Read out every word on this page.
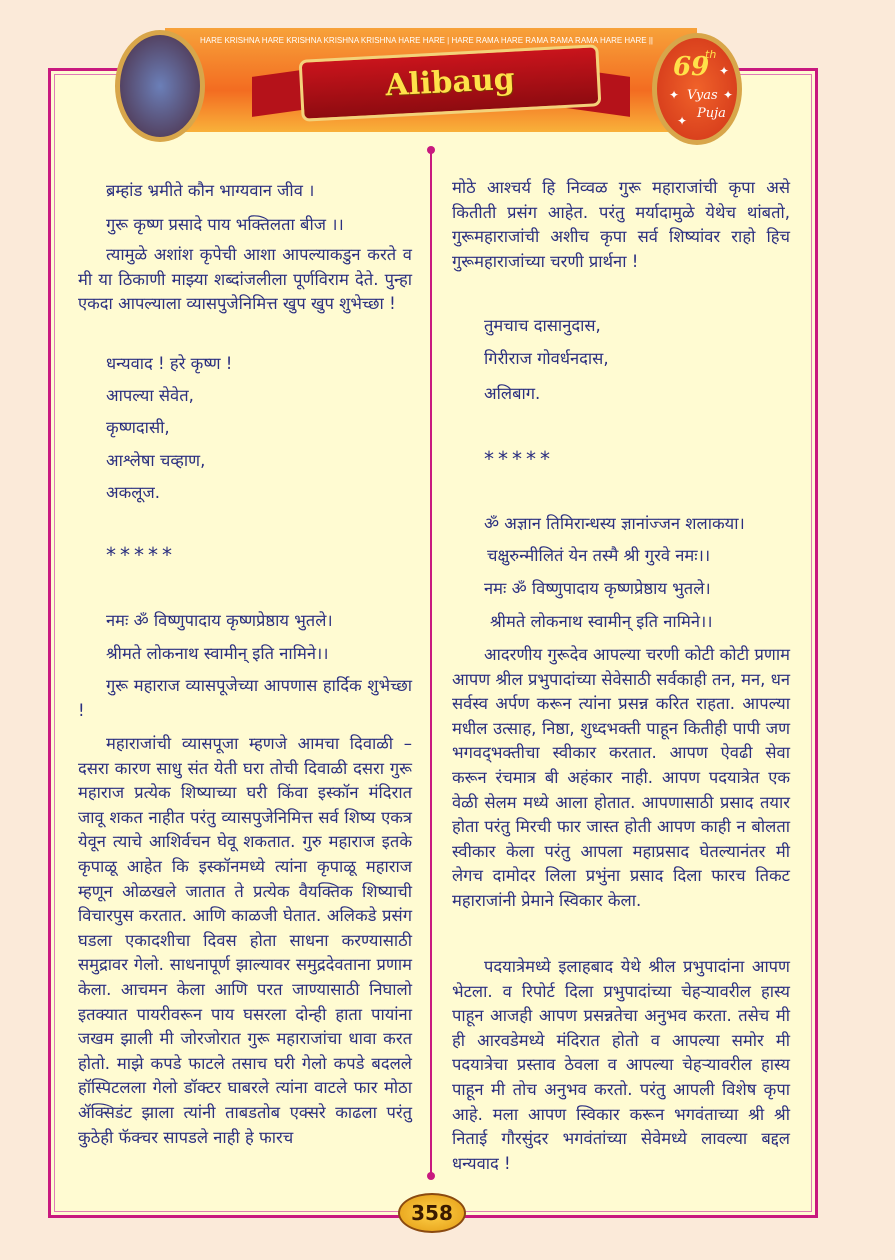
HARE KRISHNA HARE KRISHNA KRISHNA KRISHNA HARE HARE | HARE RAMA HARE RAMA RAMA RAMA HARE HARE ||
Alibaug	69
th
Vyas
Puja
✦
✦	✦
✦
ब्रम्हांड भ्रमीते कौन भाग्यवान जीव ।
गुरू कृष्ण प्रसादे पाय भक्तिलता बीज ।।
त्यामुळे अशांश कृपेची आशा आपल्याकडुन करते व मी या ठिकाणी माझ्या शब्दांजलीला पूर्णविराम देते. पुन्हा एकदा आपल्याला व्यासपुजेनिमित्त खुप खुप शुभेच्छा !
धन्यवाद ! हरे कृष्ण !
आपल्या सेवेत,
कृष्णदासी,
आश्लेषा चव्हाण,
अकलूज.
*****
नमः ॐ विष्णुपादाय कृष्णप्रेष्ठाय भुतले।
श्रीमते लोकनाथ स्वामीन् इति नामिने।।
गुरू महाराज व्यासपूजेच्या आपणास हार्दिक शुभेच्छा !
महाराजांची व्यासपूजा म्हणजे आमचा दिवाळी – दसरा कारण साधु संत येती घरा तोची दिवाळी दसरा गुरू महाराज प्रत्येक शिष्याच्या घरी किंवा इस्कॉन मंदिरात जावू शकत नाहीत परंतु व्यासपुजेनिमित्त सर्व शिष्य एकत्र येवून त्याचे आशिर्वचन घेवू शकतात. गुरु महाराज इतके कृपाळू आहेत कि इस्कॉनमध्ये त्यांना कृपाळू महाराज म्हणून ओळखले जातात ते प्रत्येक वैयक्तिक शिष्याची विचारपुस करतात. आणि काळजी घेतात. अलिकडे प्रसंग घडला एकादशीचा दिवस होता साधना करण्यासाठी समुद्रावर गेलो. साधनापूर्ण झाल्यावर समुद्रदेवताना प्रणाम केला. आचमन केला आणि परत जाण्यासाठी निघालो इतक्यात पायरीवरून पाय घसरला दोन्ही हाता पायांना जखम झाली मी जोरजोरात गुरू महाराजांचा धावा करत होतो. माझे कपडे फाटले तसाच घरी गेलो कपडे बदलले हॉस्पिटलला गेलो डॉक्टर घाबरले त्यांना वाटले फार मोठा ॲक्सिडंट झाला त्यांनी ताबडतोब एक्सरे काढला परंतु कुठेही फॅक्चर सापडले नाही हे फारच
मोठे आश्चर्य हि निव्वळ गुरू महाराजांची कृपा असे कितीती प्रसंग आहेत. परंतु मर्यादामुळे येथेच थांबतो, गुरूमहाराजांची अशीच कृपा सर्व शिष्यांवर राहो हिच गुरूमहाराजांच्या चरणी प्रार्थना !
तुमचाच दासानुदास,
गिरीराज गोवर्धनदास,
अलिबाग.
*****
ॐ अज्ञान तिमिरान्धस्य ज्ञानांज्जन शलाकया।
चक्षुरुन्मीलितं येन तस्मै श्री गुरवे नमः।।
नमः ॐ विष्णुपादाय कृष्णप्रेष्ठाय भुतले।
श्रीमते लोकनाथ स्वामीन् इति नामिने।।
आदरणीय गुरूदेव आपल्या चरणी कोटी कोटी प्रणाम आपण श्रील प्रभुपादांच्या सेवेसाठी सर्वकाही तन, मन, धन सर्वस्व अर्पण करून त्यांना प्रसन्न करित राहता. आपल्या मधील उत्साह, निष्ठा, शुध्दभक्ती पाहून कितीही पापी जण भगवद्‌भक्तीचा स्वीकार करतात. आपण ऐवढी सेवा करून रंचमात्र बी अहंकार नाही. आपण पदयात्रेत एक वेळी सेलम मध्ये आला होतात. आपणासाठी प्रसाद तयार होता परंतु मिरची फार जास्त होती आपण काही न बोलता स्वीकार केला परंतु आपला महाप्रसाद घेतल्यानंतर मी लेगच दामोदर लिला प्रभुंना प्रसाद दिला फारच तिकट महाराजांनी प्रेमाने स्विकार केला.
पदयात्रेमध्ये इलाहबाद येथे श्रील प्रभुपादांना आपण भेटला. व रिपोर्ट दिला प्रभुपादांच्या चेहऱ्यावरील हास्य पाहून आजही आपण प्रसन्नतेचा अनुभव करता. तसेच मी ही आरवडेमध्ये मंदिरात होतो व आपल्या समोर मी पदयात्रेचा प्रस्ताव ठेवला व आपल्या चेहऱ्यावरील हास्य पाहून मी तोच अनुभव करतो. परंतु आपली विशेष कृपा आहे. मला आपण स्विकार करून भगवंताच्या श्री श्री निताई गौरसुंदर भगवंतांच्या सेवेमध्ये लावल्या बद्दल धन्यवाद !
358
